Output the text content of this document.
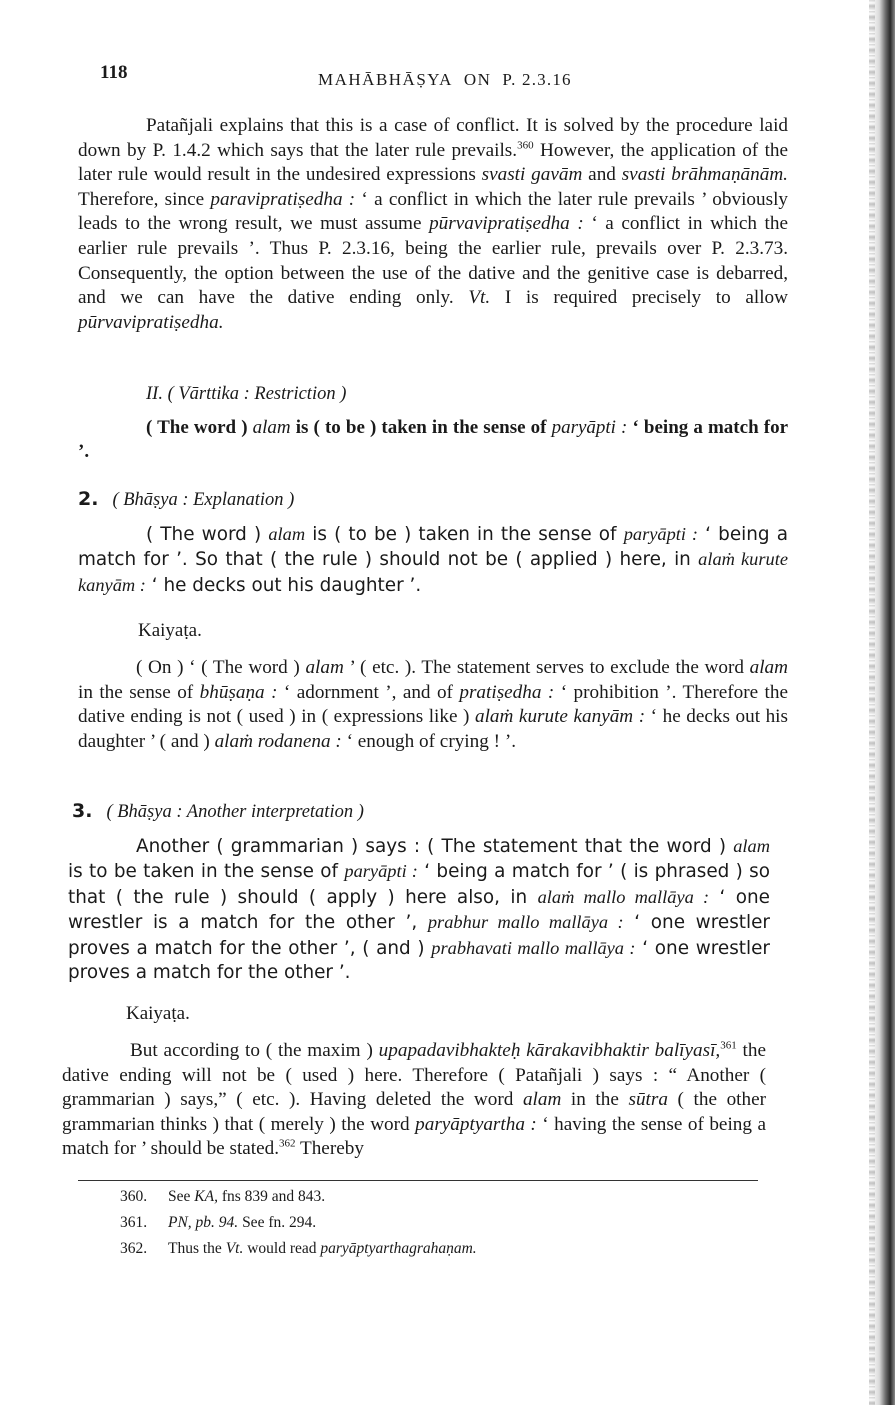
118	MAHĀBHĀṢYA ON P. 2.3.16

Patañjali explains that this is a case of conflict. It is solved by the procedure laid down by P. 1.4.2 which says that the later rule prevails.$^{360}$ However, the application of the later rule would result in the undesired expressions svasti gavām and svasti brāhmaṇānām. Therefore, since paravipratiṣedha : ‘ a conflict in which the later rule prevails ’ obviously leads to the wrong result, we must assume pūrvavipratiṣedha : ‘ a conflict in which the earlier rule prevails ’. Thus P. 2.3.16, being the earlier rule, prevails over P. 2.3.73. Consequently, the option between the use of the dative and the genitive case is debarred, and we can have the dative ending only. Vt. I is required precisely to allow pūrvavipratiṣedha.

II. ( Vārttika : Restriction )

( The word ) alam is ( to be ) taken in the sense of paryāpti : ‘ being a match for ’.

2. ( Bhāṣya : Explanation )

( The word ) alam is ( to be ) taken in the sense of paryāpti : ‘ being a match for ’. So that ( the rule ) should not be ( applied ) here, in alaṁ kurute kanyām : ‘ he decks out his daughter ’.

Kaiyaṭa.

( On ) ‘ ( The word ) alam ’ ( etc. ). The statement serves to exclude the word alam in the sense of bhūṣaṇa : ‘ adornment ’, and of pratiṣedha : ‘ prohibition ’. Therefore the dative ending is not ( used ) in ( expressions like ) alaṁ kurute kanyām : ‘ he decks out his daughter ’ ( and ) alaṁ rodanena : ‘ enough of crying ! ’.

3. ( Bhāṣya : Another interpretation )

Another ( grammarian ) says : ( The statement that the word ) alam is to be taken in the sense of paryāpti : ‘ being a match for ’ ( is phrased ) so that ( the rule ) should ( apply ) here also, in alaṁ mallo mallāya : ‘ one wrestler is a match for the other ’, prabhur mallo mallāya : ‘ one wrestler proves a match for the other ’, ( and ) prabhavati mallo mallāya : ‘ one wrestler proves a match for the other ’.

Kaiyaṭa.

But according to ( the maxim ) upapadavibhakteḥ kārakavibhaktir balīyasī,$^{361}$ the dative ending will not be ( used ) here. Therefore ( Patañjali ) says : “ Another ( grammarian ) says,” ( etc. ). Having deleted the word alam in the sūtra ( the other grammarian thinks ) that ( merely ) the word paryāptyartha : ‘ having the sense of being a match for ’ should be stated.$^{362}$ Thereby

360. See KA, fns 839 and 843.
361. PN, pb. 94. See fn. 294.
362. Thus the Vt. would read paryāptyarthagrahaṇam.
